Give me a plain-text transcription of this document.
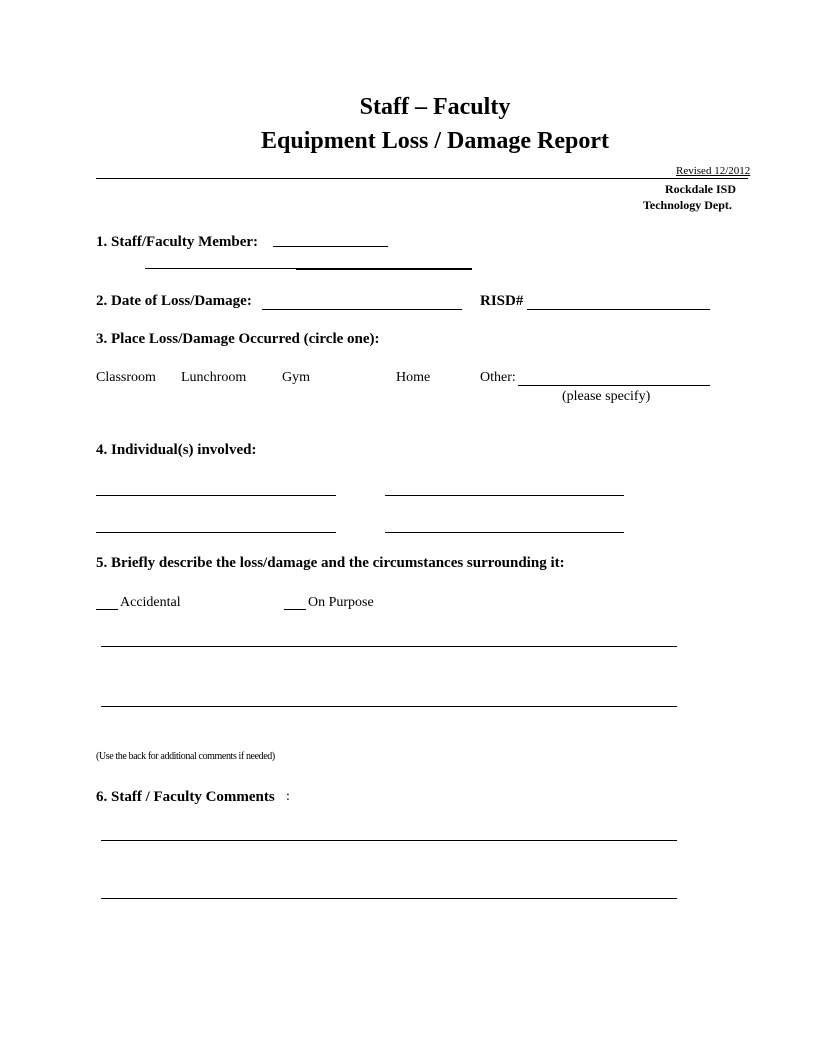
Staff – Faculty
Equipment Loss / Damage Report
Revised 12/2012
Rockdale ISD
Technology Dept.
1. Staff/Faculty Member:
2. Date of Loss/Damage:	RISD#
3. Place Loss/Damage Occurred (circle one):
Classroom Lunchroom	Gym	Home	Other:
(please specify)
4. Individual(s) involved:
5. Briefly describe the loss/damage and the circumstances surrounding it:
Accidental	On Purpose
(Use the back for additional comments if needed)
6. Staff / Faculty Comments :
